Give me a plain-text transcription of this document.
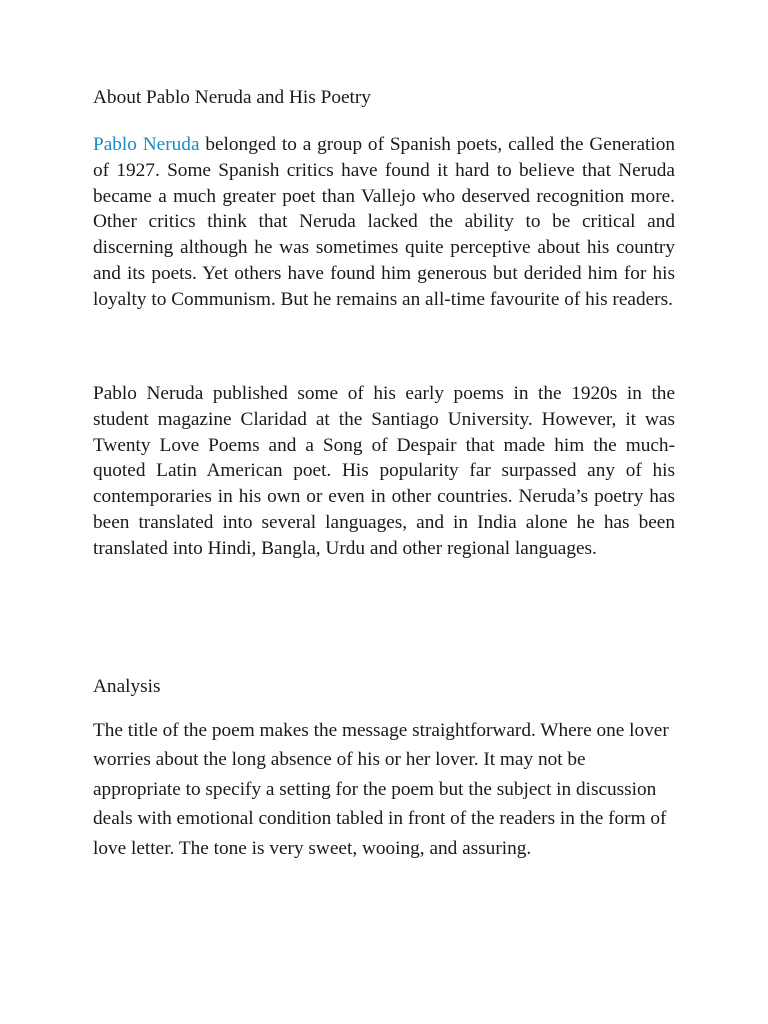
About Pablo Neruda and His Poetry

Pablo Neruda belonged to a group of Spanish poets, called the Generation of 1927. Some Spanish critics have found it hard to believe that Neruda became a much greater poet than Vallejo who deserved recognition more. Other critics think that Neruda lacked the ability to be critical and discerning although he was sometimes quite perceptive about his country and its poets. Yet others have found him generous but derided him for his loyalty to Communism. But he remains an all-time favourite of his readers.

Pablo Neruda published some of his early poems in the 1920s in the student magazine Claridad at the Santiago University. However, it was Twenty Love Poems and a Song of Despair that made him the much-quoted Latin American poet. His popularity far surpassed any of his contemporaries in his own or even in other countries. Neruda’s poetry has been translated into several languages, and in India alone he has been translated into Hindi, Bangla, Urdu and other regional languages.

Analysis

The title of the poem makes the message straightforward. Where one lover worries about the long absence of his or her lover. It may not be appropriate to specify a setting for the poem but the subject in discussion deals with emotional condition tabled in front of the readers in the form of love letter. The tone is very sweet, wooing, and assuring.
